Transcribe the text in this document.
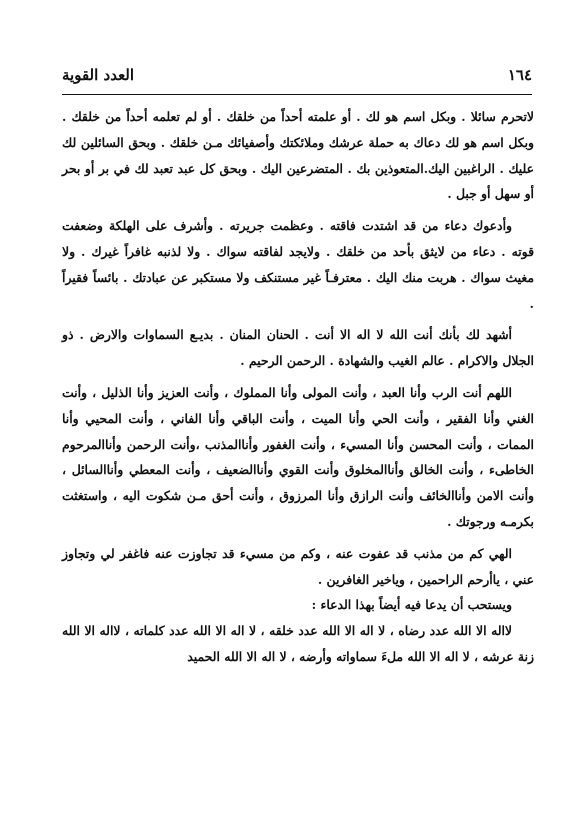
١٦٤
العدد القوية

لاتحرم سائلا . وبكل اسم هو لك . أو علمته أحداً من خلقك . أو لم تعلمه أحداً من خلقك . وبكل اسم هو لك دعاك به حملة عرشك وملائكتك وأصفيائك مـن خلقك . وبحق السائلين لك عليك . الراغبين اليك.المتعوذين بك . المتضرعين اليك . وبحق كل عبد تعبد لك في بر أو بحر أو سهل أو جبل .

وأدعوك دعاء من قد اشتدت فاقته . وعظمت جريرته . وأشرف على الهلكة وضعفت قوته . دعاء من لايثق بأحد من خلقك . ولايجد لفاقته سواك . ولا لذنبه غافراً غيرك . ولا مغيث سواك . هربت منك اليك . معترفـاً غير مستنكف ولا مستكبر عن عبادتك . بائساً فقيراً .

أشهد لك بأنك أنت الله لا اله الا أنت . الحنان المنان . بديـع السماوات والارض . ذو الجلال والاكرام . عالم الغيب والشهادة . الرحمن الرحيم .

اللهم أنت الرب وأنا العبد ، وأنت المولى وأنا المملوك ، وأنت العزيز وأنا الذليل ، وأنت الغني وأنا الفقير ، وأنت الحي وأنا الميت ، وأنت الباقي وأنا الفاني ، وأنت المحيي وأنا الممات ، وأنت المحسن وأنا المسيء ، وأنت الغفور وأناالمذنب ،وأنت الرحمن وأناالمرحوم الخاطىء ، وأنت الخالق وأناالمخلوق وأنت القوي وأناالضعيف ، وأنت المعطي وأناالسائل ، وأنت الامن وأناالخائف وأنت الرازق وأنا المرزوق ، وأنت أحق مـن شكوت اليه ، واستغثت بكرمـه ورجوتك .

الهي كم من مذنب قد عفوت عنه ، وكم من مسيء قد تجاوزت عنه فاغفر لي وتجاوز عني ، ياأرحم الراحمين ، وياخير الغافرين .

ويستحب أن يدعا فيه أيضاً بهذا الدعاء :

لااله الا الله عدد رضاه ، لا اله الا الله عدد خلقه ، لا اله الا الله عدد كلماته ، لااله الا الله زنة عرشه ، لا اله الا الله ملءَ سماواته وأرضه ، لا اله الا الله الحميد
